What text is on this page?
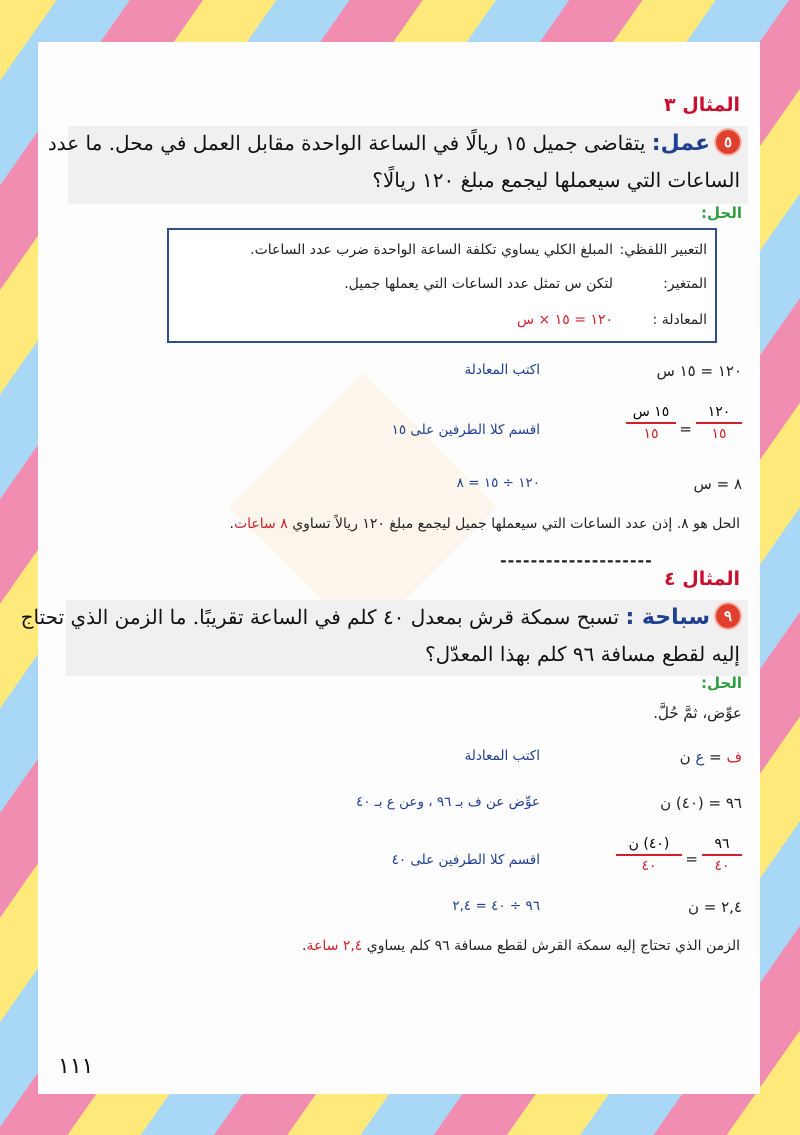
المثال ٣
٥عمل: يتقاضى جميل ١٥ ريالًا في الساعة الواحدة مقابل العمل في محل. ما عدد
الساعات التي سيعملها ليجمع مبلغ ١٢٠ ريالًا؟
الحل:
التعبير اللفظي:
المبلغ الكلي يساوي تكلفة الساعة الواحدة ضرب عدد الساعات.
المتغير:
لتكن س تمثل عدد الساعات التي يعملها جميل.
المعادلة :
١٢٠ = ١٥ × س
١٢٠ = ١٥ س
اكتب المعادلة
١٢٠
١٥
=
١٥ س
١٥
اقسم كلا الطرفين على ١٥
٨ = س
١٢٠ ÷ ١٥ = ٨
الحل هو ٨. إذن عدد الساعات التي سيعملها جميل ليجمع مبلغ ١٢٠ ريالاً تساوي ٨ ساعات.
--------------------
المثال ٤
٩سباحة : تسبح سمكة قرش بمعدل ٤٠ كلم في الساعة تقريبًا. ما الزمن الذي تحتاج
إليه لقطع مسافة ٩٦ كلم بهذا المعدّل؟
الحل:
عوِّض، ثمَّ حُلَّ.
ف = ع ن
اكتب المعادلة
٩٦ = (٤٠) ن
عوِّض عن ف بـ ٩٦ ، وعن ع بـ ٤٠
٩٦
٤٠
=
(٤٠) ن
٤٠
اقسم كلا الطرفين على ٤٠
٢,٤ = ن
٩٦ ÷ ٤٠ = ٢,٤
الزمن الذي تحتاج إليه سمكة القرش لقطع مسافة ٩٦ كلم يساوي ٢,٤ ساعة.
١١١
